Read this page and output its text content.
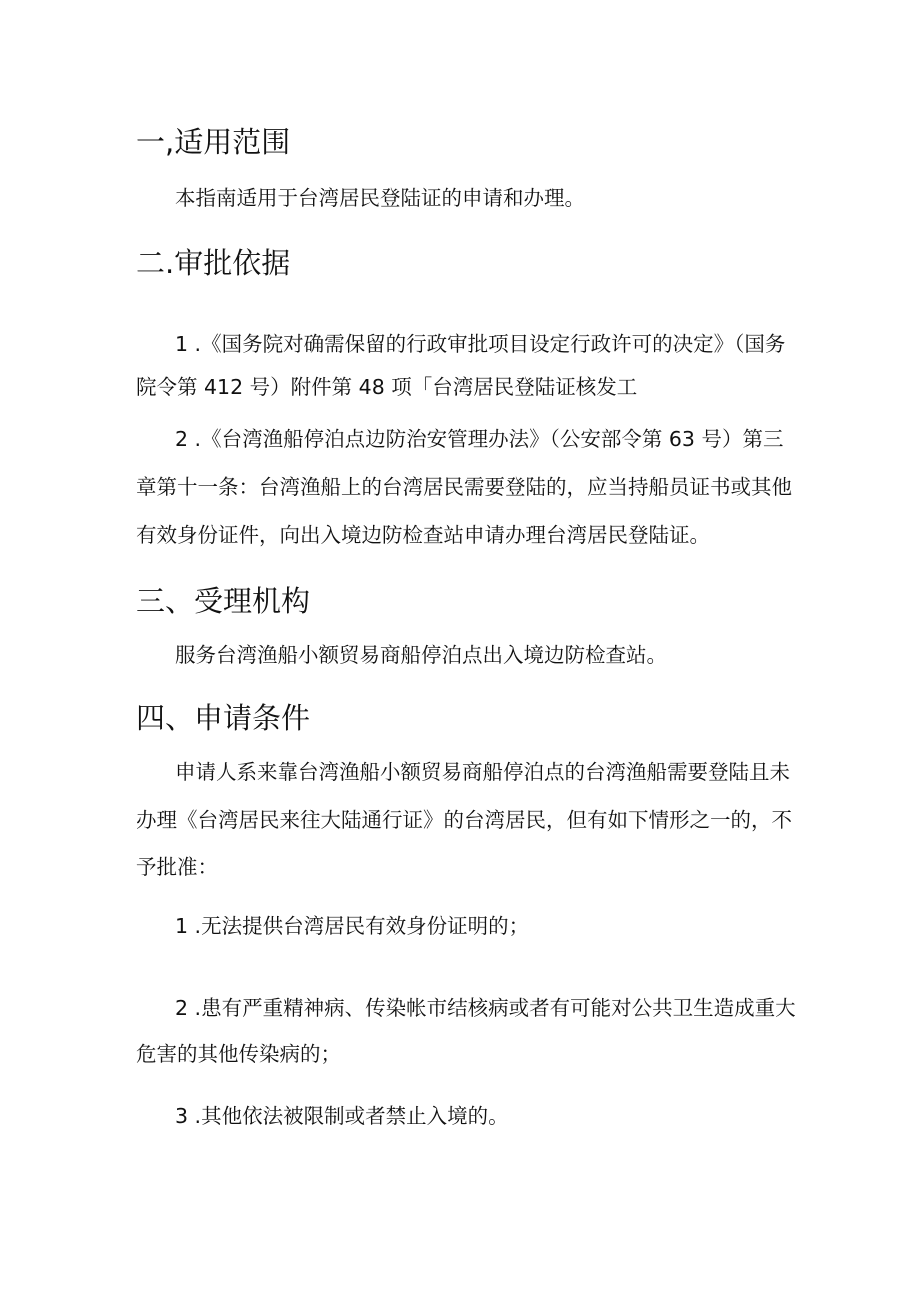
一,适用范围

本指南适用于台湾居民登陆证的申请和办理。

二.审批依据

1 .《国务院对确需保留的行政审批项目设定行政许可的决定》（国务

院令第 412 号）附件第 48 项「台湾居民登陆证核发工

2 .《台湾渔船停泊点边防治安管理办法》（公安部令第 63 号）第三

章第十一条：台湾渔船上的台湾居民需要登陆的，应当持船员证书或其他

有效身份证件，向出入境边防检查站申请办理台湾居民登陆证。

三、受理机构

服务台湾渔船小额贸易商船停泊点出入境边防检查站。

四、申请条件

申请人系来靠台湾渔船小额贸易商船停泊点的台湾渔船需要登陆且未

办理《台湾居民来往大陆通行证》的台湾居民，但有如下情形之一的，不

予批准：

1 .无法提供台湾居民有效身份证明的；

2 .患有严重精神病、传染帐市结核病或者有可能对公共卫生造成重大

危害的其他传染病的；

3 .其他依法被限制或者禁止入境的。
